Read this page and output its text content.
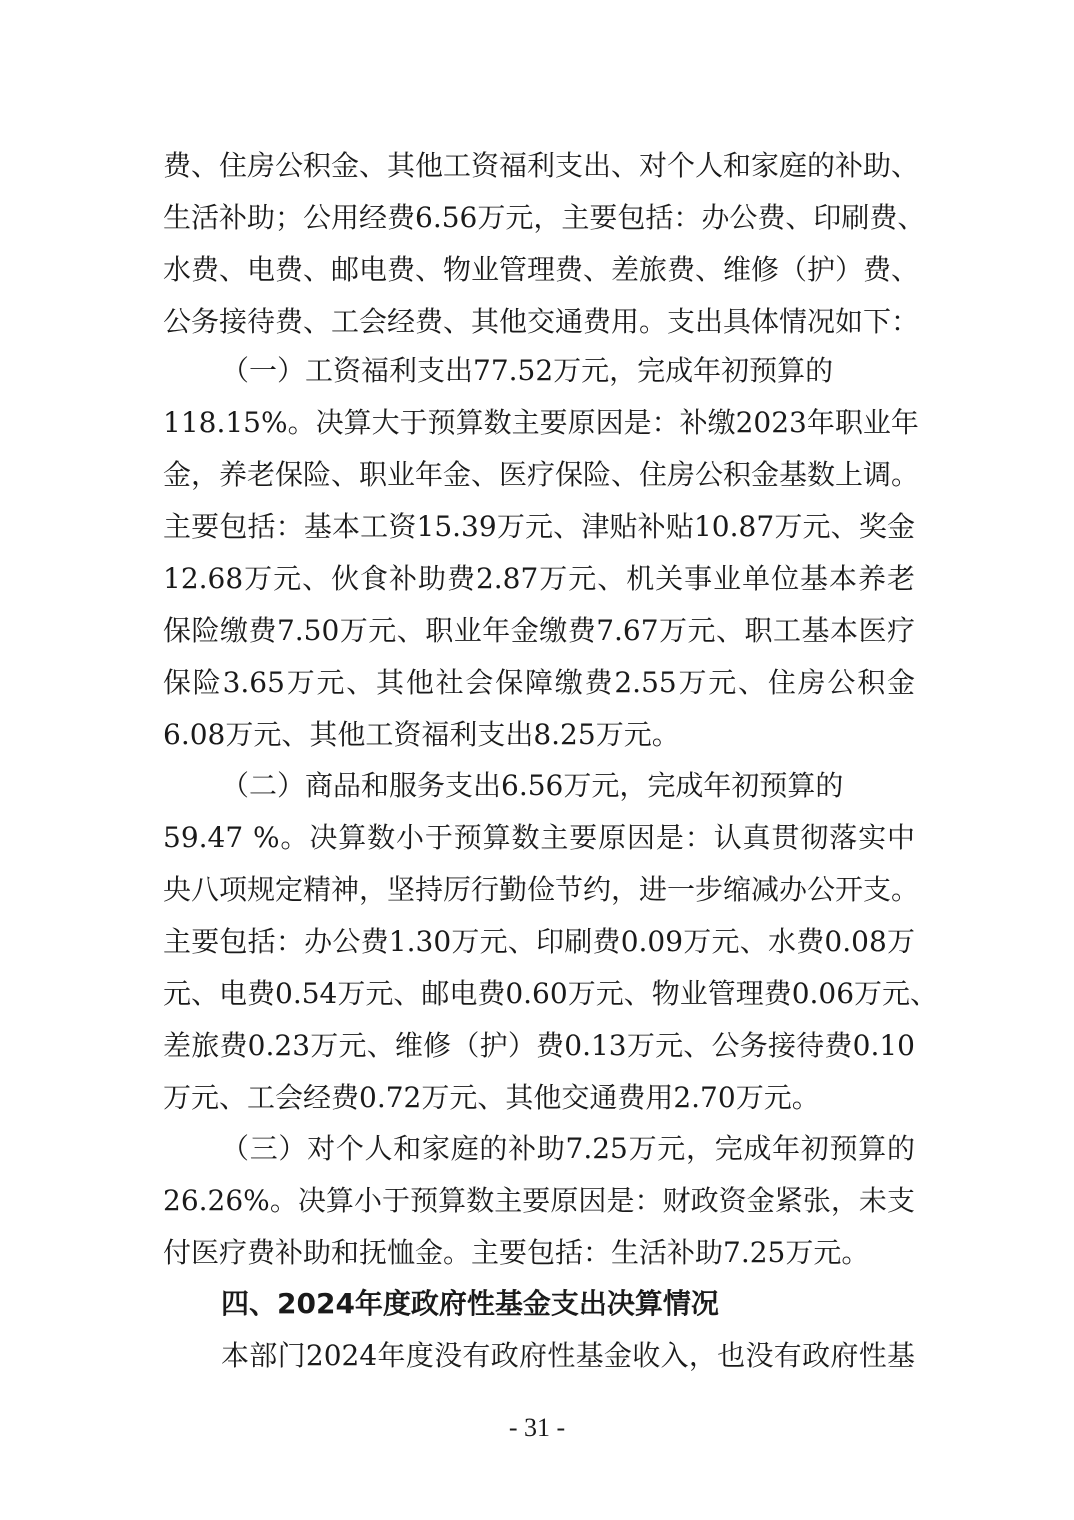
费、住房公积金、其他工资福利支出、对个人和家庭的补助、
生活补助；公用经费6.56万元，主要包括：办公费、印刷费、
水费、电费、邮电费、物业管理费、差旅费、维修（护）费、
公务接待费、工会经费、其他交通费用。支出具体情况如下：
（一）工资福利支出77.52万元，完成年初预算的
118.15%。决算大于预算数主要原因是：补缴2023年职业年
金，养老保险、职业年金、医疗保险、住房公积金基数上调。
主要包括：基本工资15.39万元、津贴补贴10.87万元、奖金
12.68万元、伙食补助费2.87万元、机关事业单位基本养老
保险缴费7.50万元、职业年金缴费7.67万元、职工基本医疗
保险3.65万元、其他社会保障缴费2.55万元、住房公积金
6.08万元、其他工资福利支出8.25万元。
（二）商品和服务支出6.56万元，完成年初预算的
59.47 %。决算数小于预算数主要原因是：认真贯彻落实中
央八项规定精神，坚持厉行勤俭节约，进一步缩减办公开支。
主要包括：办公费1.30万元、印刷费0.09万元、水费0.08万
元、电费0.54万元、邮电费0.60万元、物业管理费0.06万元、
差旅费0.23万元、维修（护）费0.13万元、公务接待费0.10
万元、工会经费0.72万元、其他交通费用2.70万元。
（三）对个人和家庭的补助7.25万元，完成年初预算的
26.26%。决算小于预算数主要原因是：财政资金紧张，未支
付医疗费补助和抚恤金。主要包括：生活补助7.25万元。
四、2024年度政府性基金支出决算情况
本部门2024年度没有政府性基金收入，也没有政府性基
- 31 -
